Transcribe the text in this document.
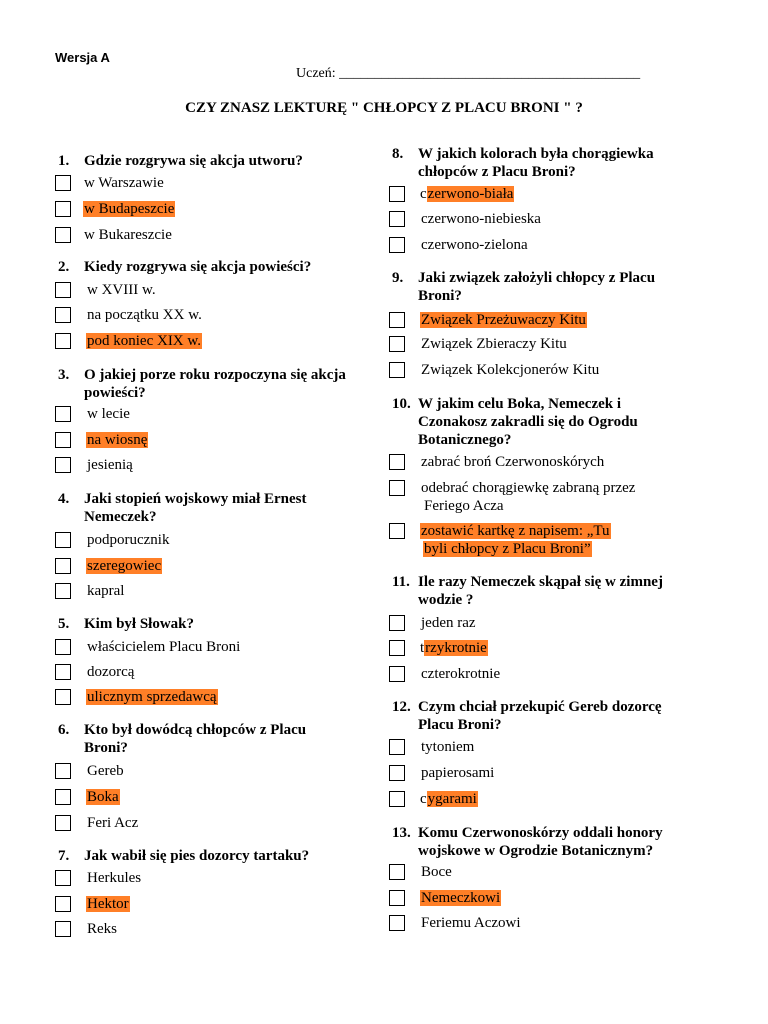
Wersja A
Uczeń: ___________________________________________
CZY ZNASZ LEKTURĘ " CHŁOPCY Z PLACU BRONI " ?
1. Gdzie rozgrywa się akcja utworu?
w Warszawie
w Budapeszcie
w Bukareszcie
2. Kiedy rozgrywa się akcja powieści?
w XVIII w.
na początku XX w.
pod koniec XIX w.
3. O jakiej porze roku rozpoczyna się akcja powieści?
w lecie
na wiosnę
jesienią
4. Jaki stopień wojskowy miał Ernest Nemeczek?
podporucznik
szeregowiec
kapral
5. Kim był Słowak?
właścicielem Placu Broni
dozorcą
ulicznym sprzedawcą
6. Kto był dowódcą chłopców z Placu Broni?
Gereb
Boka
Feri Acz
7. Jak wabił się pies dozorcy tartaku?
Herkules
Hektor
Reks
8. W jakich kolorach była chorągiewka chłopców z Placu Broni?
czerwono-biała
czerwono-niebieska
czerwono-zielona
9. Jaki związek założyli chłopcy z Placu Broni?
Związek Przeżuwaczy Kitu
Związek Zbieraczy Kitu
Związek Kolekcjonerów Kitu
10. W jakim celu Boka, Nemeczek i Czonakosz zakradli się do Ogrodu Botanicznego?
zabrać broń Czerwonoskórych
odebrać chorągiewkę zabraną przez
Feriego Acza
zostawić kartkę z napisem: „Tu
byli chłopcy z Placu Broni”
11. Ile razy Nemeczek skąpał się w zimnej wodzie ?
jeden raz
trzykrotnie
czterokrotnie
12. Czym chciał przekupić Gereb dozorcę Placu Broni?
tytoniem
papierosami
cygarami
13. Komu Czerwonoskórzy oddali honory wojskowe w Ogrodzie Botanicznym?
Boce
Nemeczkowi
Feriemu Aczowi
